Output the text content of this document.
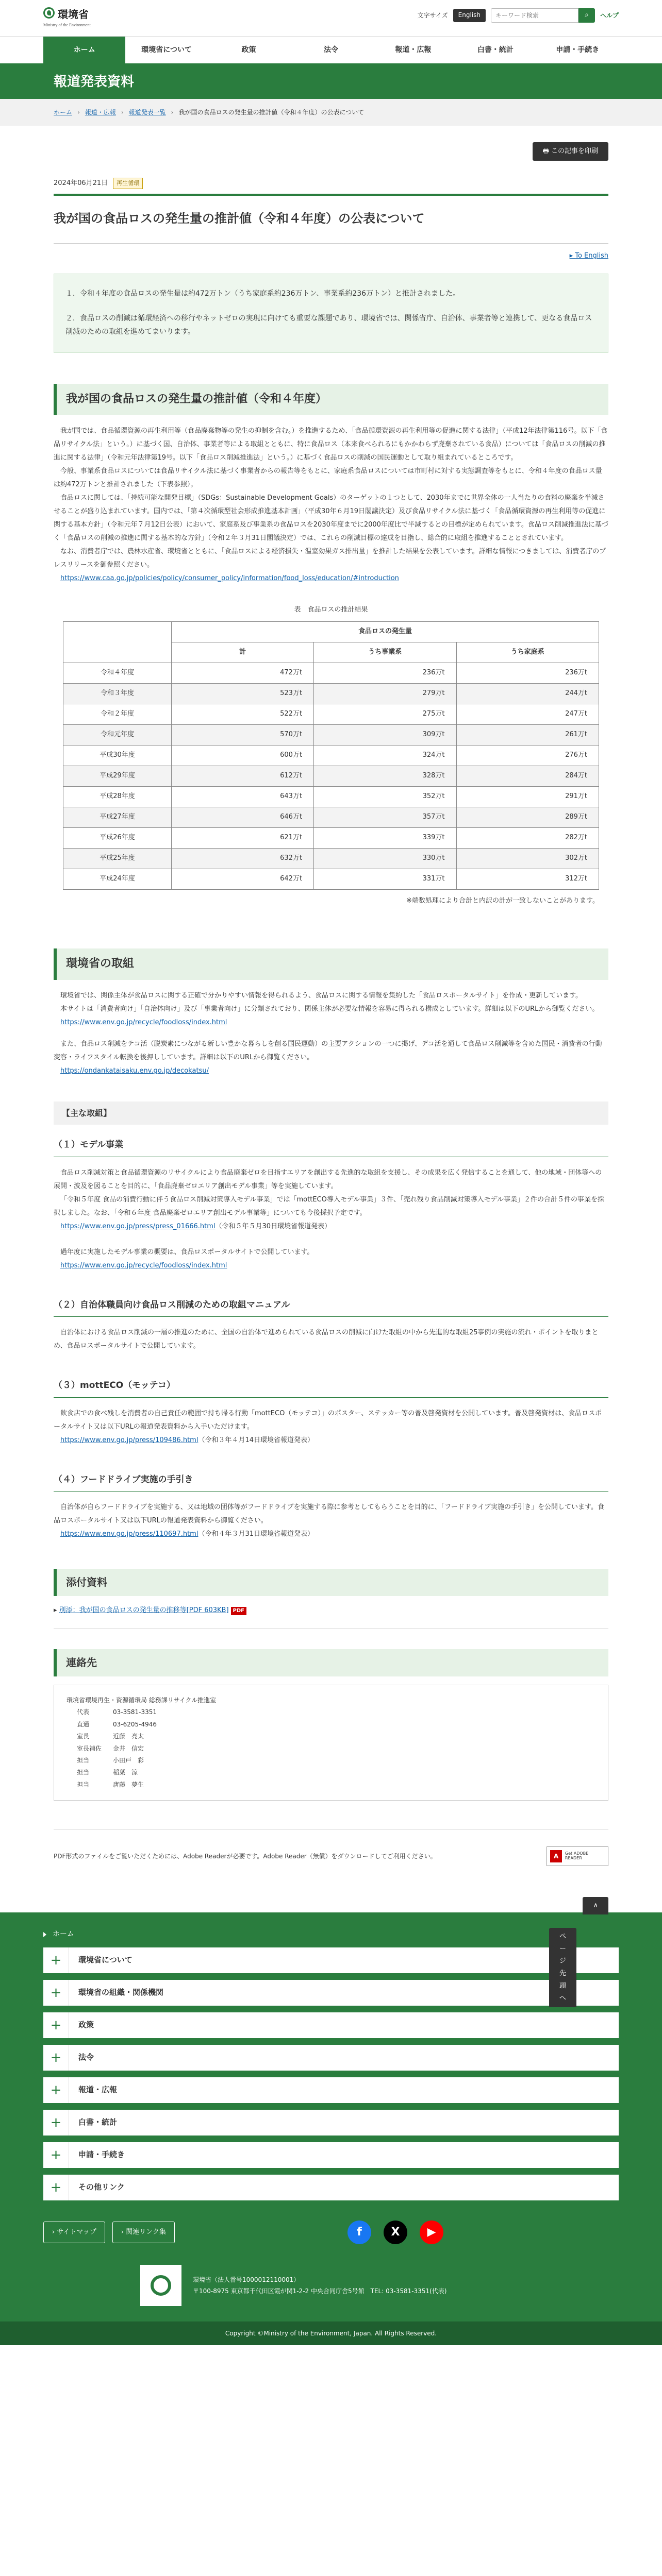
環境省
Ministry of the Environment
文字サイズ	English
キーワード検索	⌕	ヘルプ
ホーム	環境省について	政策	法令	報道・広報	白書・統計	申請・手続き
報道発表資料
ホーム ›	報道・広報 ›	報道発表一覧 ›	我が国の食品ロスの発生量の推計値（令和４年度）の公表について
🖶 この記事を印刷
2024年06月21日	再生循環
我が国の食品ロスの発生量の推計値（令和４年度）の公表について
▸ To English

１．令和４年度の食品ロスの発生量は約472万トン（うち家庭系約236万トン、事業系約236万トン）と推計されました。

２．食品ロスの削減は循環経済への移行やネットゼロの実現に向けても重要な課題であり、環境省では、関係省庁、自治体、事業者等と連携して、更なる食品ロス削減のための取組を進めてまいります。

我が国の食品ロスの発生量の推計値（令和４年度）

我が国では、食品循環資源の再生利用等（食品廃棄物等の発生の抑制を含む。）を推進するため、「食品循環資源の再生利用等の促進に関する法律」（平成12年法律第116号。以下「食品リサイクル法」という。）に基づく国、自治体、事業者等による取組とともに、特に食品ロス（本来食べられるにもかかわらず廃棄されている食品）については「食品ロスの削減の推進に関する法律」（令和元年法律第19号。以下「食品ロス削減推進法」という。）に基づく食品ロスの削減の国民運動として取り組まれているところです。

今般、事業系食品ロスについては食品リサイクル法に基づく事業者からの報告等をもとに、家庭系食品ロスについては市町村に対する実態調査等をもとに、令和４年度の食品ロス量は約472万トンと推計されました（下表参照）。

食品ロスに関しては、「持続可能な開発目標」（SDGs：Sustainable Development Goals）のターゲットの１つとして、2030年までに世界全体の一人当たりの食料の廃棄を半減させることが盛り込まれています。国内では、「第４次循環型社会形成推進基本計画」（平成30年６月19日閣議決定）及び食品リサイクル法に基づく「食品循環資源の再生利用等の促進に関する基本方針」（令和元年７月12日公表）において、家庭系及び事業系の食品ロスを2030年度までに2000年度比で半減するとの目標が定められています。食品ロス削減推進法に基づく「食品ロスの削減の推進に関する基本的な方針」（令和２年３月31日閣議決定）では、これらの削減目標の達成を目指し、総合的に取組を推進することとされています。

なお、消費者庁では、農林水産省、環境省とともに、「食品ロスによる経済損失・温室効果ガス排出量」を推計した結果を公表しています。詳細な情報につきましては、消費者庁のプレスリリースを御参照ください。

https://www.caa.go.jp/policies/policy/consumer_policy/information/food_loss/education/#introduction

表　食品ロスの推計結果
	食品ロスの発生量		
	計	うち事業系	うち家庭系
令和４年度	472万t	236万t	236万t
令和３年度	523万t	279万t	244万t
令和２年度	522万t	275万t	247万t
令和元年度	570万t	309万t	261万t
平成30年度	600万t	324万t	276万t
平成29年度	612万t	328万t	284万t
平成28年度	643万t	352万t	291万t
平成27年度	646万t	357万t	289万t
平成26年度	621万t	339万t	282万t
平成25年度	632万t	330万t	302万t
平成24年度	642万t	331万t	312万t
※端数処理により合計と内訳の計が一致しないことがあります。
環境省の取組

環境省では、関係主体が食品ロスに関する正確で分かりやすい情報を得られるよう、食品ロスに関する情報を集約した「食品ロスポータルサイト」を作成・更新しています。

本サイトは「消費者向け」「自治体向け」及び「事業者向け」に分類されており、関係主体が必要な情報を容易に得られる構成としています。詳細は以下のURLから御覧ください。

https://www.env.go.jp/recycle/foodloss/index.html

また、食品ロス削減をテコ活（脱炭素につながる新しい豊かな暮らしを創る国民運動）の主要アクションの一つに掲げ、デコ活を通して食品ロス削減等を含めた国民・消費者の行動変容・ライフスタイル転換を後押ししています。詳細は以下のURLから御覧ください。

https://ondankataisaku.env.go.jp/decokatsu/

【主な取組】
（１）モデル事業

食品ロス削減対策と食品循環資源のリサイクルにより食品廃棄ゼロを目指すエリアを創出する先進的な取組を支援し、その成果を広く発信することを通して、他の地域・団体等への展開・波及を図ることを目的に、「食品廃棄ゼロエリア創出モデル事業」等を実施しています。

「令和５年度 食品の消費行動に伴う食品ロス削減対策導入モデル事業」では「mottECO導入モデル事業」３件、「売れ残り食品削減対策導入モデル事業」２件の合計５件の事業を採択しました。なお、「令和６年度 食品廃棄ゼロエリア創出モデル事業等」についても今後採択予定です。

https://www.env.go.jp/press/press_01666.html（令和５年５月30日環境省報道発表）

過年度に実施したモデル事業の概要は、食品ロスポータルサイトで公開しています。

https://www.env.go.jp/recycle/foodloss/index.html

（２）自治体職員向け食品ロス削減のための取組マニュアル

自治体における食品ロス削減の一層の推進のために、全国の自治体で進められている食品ロスの削減に向けた取組の中から先進的な取組25事例の実施の流れ・ポイントを取りまとめ、食品ロスポータルサイトで公開しています。

（３）mottECO（モッテコ）

飲食店での食べ残しを消費者の自己責任の範囲で持ち帰る行動「mottECO（モッテコ）」のポスター、ステッカー等の普及啓発資材を公開しています。普及啓発資材は、食品ロスポータルサイト又は以下URLの報道発表資料から入手いただけます。

https://www.env.go.jp/press/109486.html（令和３年４月14日環境省報道発表）

（４）フードドライブ実施の手引き

自治体が自らフードドライブを実施する、又は地域の団体等がフードドライブを実施する際に参考としてもらうことを目的に、「フードドライブ実施の手引き」を公開しています。食品ロスポータルサイト又は以下URLの報道発表資料から御覧ください。

https://www.env.go.jp/press/110697.html（令和４年３月31日環境省報道発表）

添付資料
▸ 別添：我が国の食品ロスの発生量の推移等[PDF 603KB] PDF
連絡先
環境省環境再生・資源循環局 総務課リサイクル推進室
代表	03-3581-3351
直通	03-6205-4946
室長	近藤　亮太
室長補佐	金井　信宏
担当	小田戸　彩
担当	稲葉　涼
担当	唐藤　夢生
PDF形式のファイルをご覧いただくためには、Adobe Readerが必要です。Adobe Reader（無償）をダウンロードしてご利用ください。	A	Get ADOBE READER
∧
ページ先頭へ
ホーム
+	環境省について
+	環境省の組織・関係機関
+	政策
+	法令
+	報道・広報
+	白書・統計
+	申請・手続き
+	その他リンク
› サイトマップ	› 関連リンク集	f	X	▶
環境省（法人番号1000012110001）
〒100-8975 東京都千代田区霞が関1-2-2 中央合同庁舎5号館　 TEL: 03-3581-3351(代表)
Copyright ©Ministry of the Environment, Japan. All Rights Reserved.
